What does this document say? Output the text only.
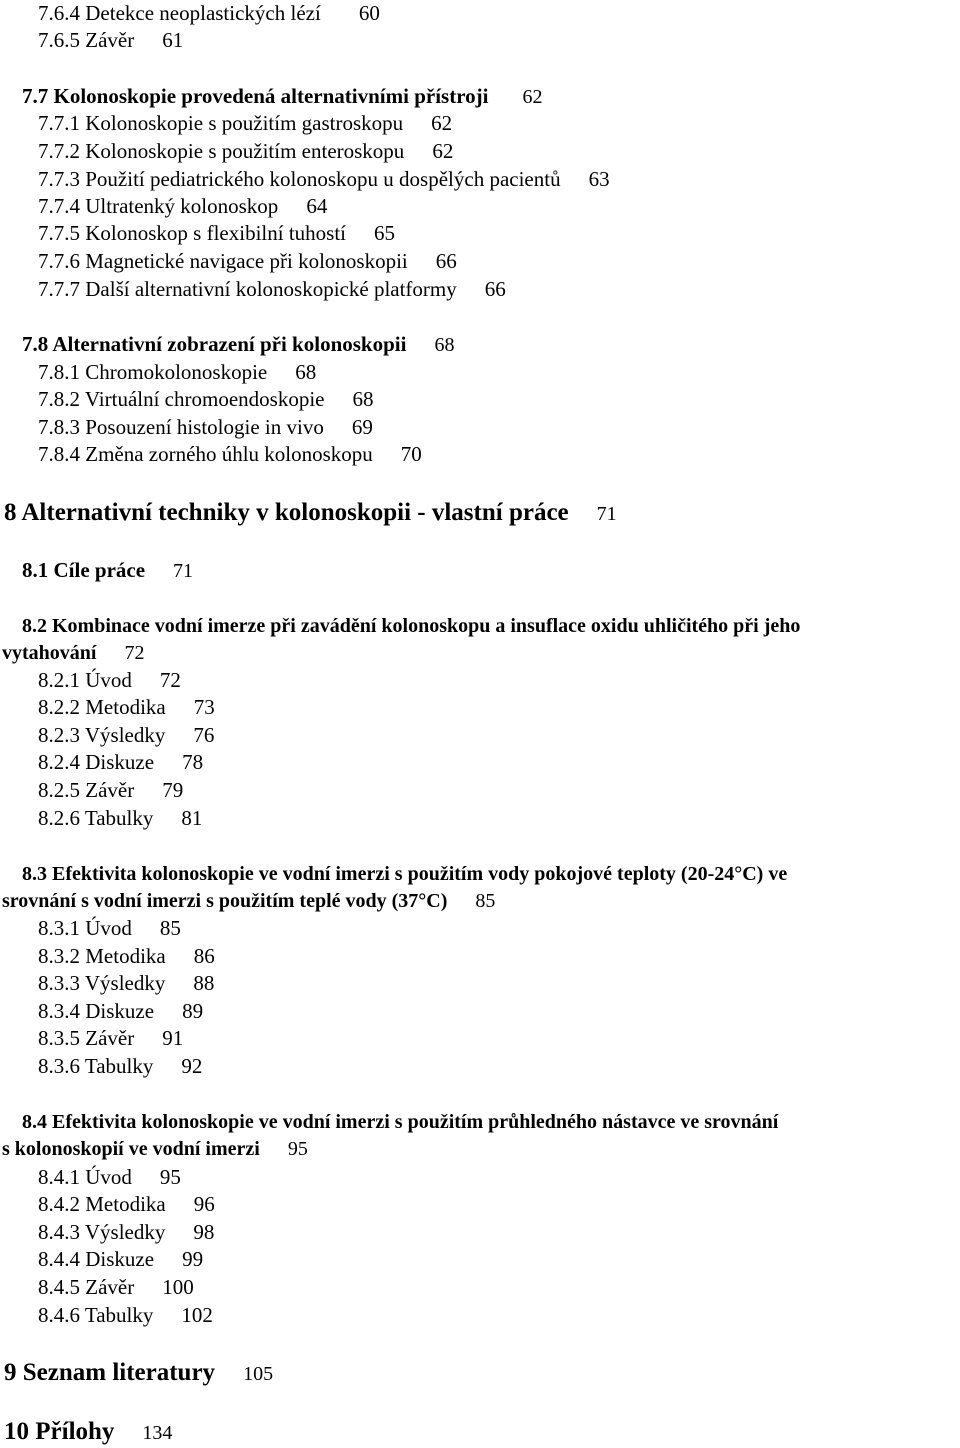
7.6.4 Detekce neoplastických lézí 60
7.6.5 Závěr 61
7.7 Kolonoskopie provedená alternativními přístroji 62
7.7.1 Kolonoskopie s použitím gastroskopu 62
7.7.2 Kolonoskopie s použitím enteroskopu 62
7.7.3 Použití pediatrického kolonoskopu u dospělých pacientů 63
7.7.4 Ultratenký kolonoskop 64
7.7.5 Kolonoskop s flexibilní tuhostí 65
7.7.6 Magnetické navigace při kolonoskopii 66
7.7.7 Další alternativní kolonoskopické platformy 66
7.8 Alternativní zobrazení při kolonoskopii 68
7.8.1 Chromokolonoskopie 68
7.8.2 Virtuální chromoendoskopie 68
7.8.3 Posouzení histologie in vivo 69
7.8.4 Změna zorného úhlu kolonoskopu 70
8 Alternativní techniky v kolonoskopii - vlastní práce 71
8.1 Cíle práce 71
8.2 Kombinace vodní imerze při zavádění kolonoskopu a insuflace oxidu uhličitého při jeho
vytahování 72
8.2.1 Úvod 72
8.2.2 Metodika 73
8.2.3 Výsledky 76
8.2.4 Diskuze 78
8.2.5 Závěr 79
8.2.6 Tabulky 81
8.3 Efektivita kolonoskopie ve vodní imerzi s použitím vody pokojové teploty (20-24°C) ve
srovnání s vodní imerzi s použitím teplé vody (37°C) 85
8.3.1 Úvod 85
8.3.2 Metodika 86
8.3.3 Výsledky 88
8.3.4 Diskuze 89
8.3.5 Závěr 91
8.3.6 Tabulky 92
8.4 Efektivita kolonoskopie ve vodní imerzi s použitím průhledného nástavce ve srovnání
s kolonoskopií ve vodní imerzi 95
8.4.1 Úvod 95
8.4.2 Metodika 96
8.4.3 Výsledky 98
8.4.4 Diskuze 99
8.4.5 Závěr 100
8.4.6 Tabulky 102
9 Seznam literatury 105
10 Přílohy 134
